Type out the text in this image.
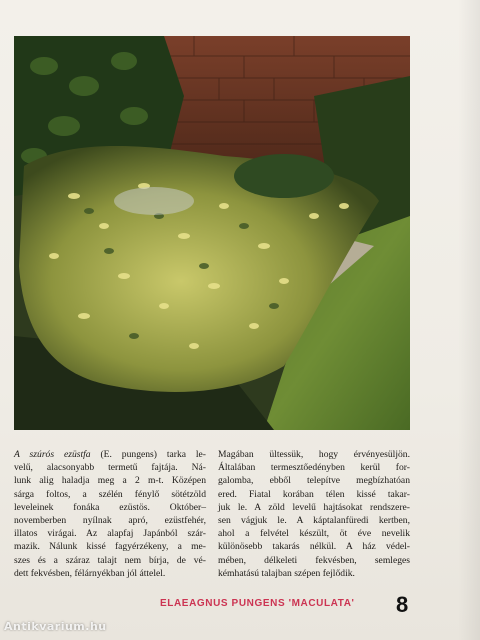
A szúrós ezüstfa (E. pungens) tarka le-
velű, alacsonyabb termetű fajtája. Ná-
lunk alig haladja meg a 2 m-t. Középen
sárga foltos, a szélén fénylő sötétzöld
leveleinek fonáka ezüstös. Október–
novemberben nyílnak apró, ezüstfehér,
illatos virágai. Az alapfaj Japánból szár-
mazik. Nálunk kissé fagyérzékeny, a me-
szes és a száraz talajt nem bírja, de vé-
dett fekvésben, félárnyékban jól áttelel.
Magában ültessük, hogy érvényesüljön.
Általában termesztőedényben kerül for-
galomba, ebből telepítve megbízhatóan
ered. Fiatal korában télen kissé takar-
juk le. A zöld levelű hajtásokat rendszere-
sen vágjuk le. A káptalanfüredi kertben,
ahol a felvétel készült, öt éve nevelik
különösebb takarás nélkül. A ház védel-
mében, délkeleti fekvésben, semleges
kémhatású talajban szépen fejlődik.
ELAEAGNUS PUNGENS 'MACULATA' 8
Antikvarium.hu
